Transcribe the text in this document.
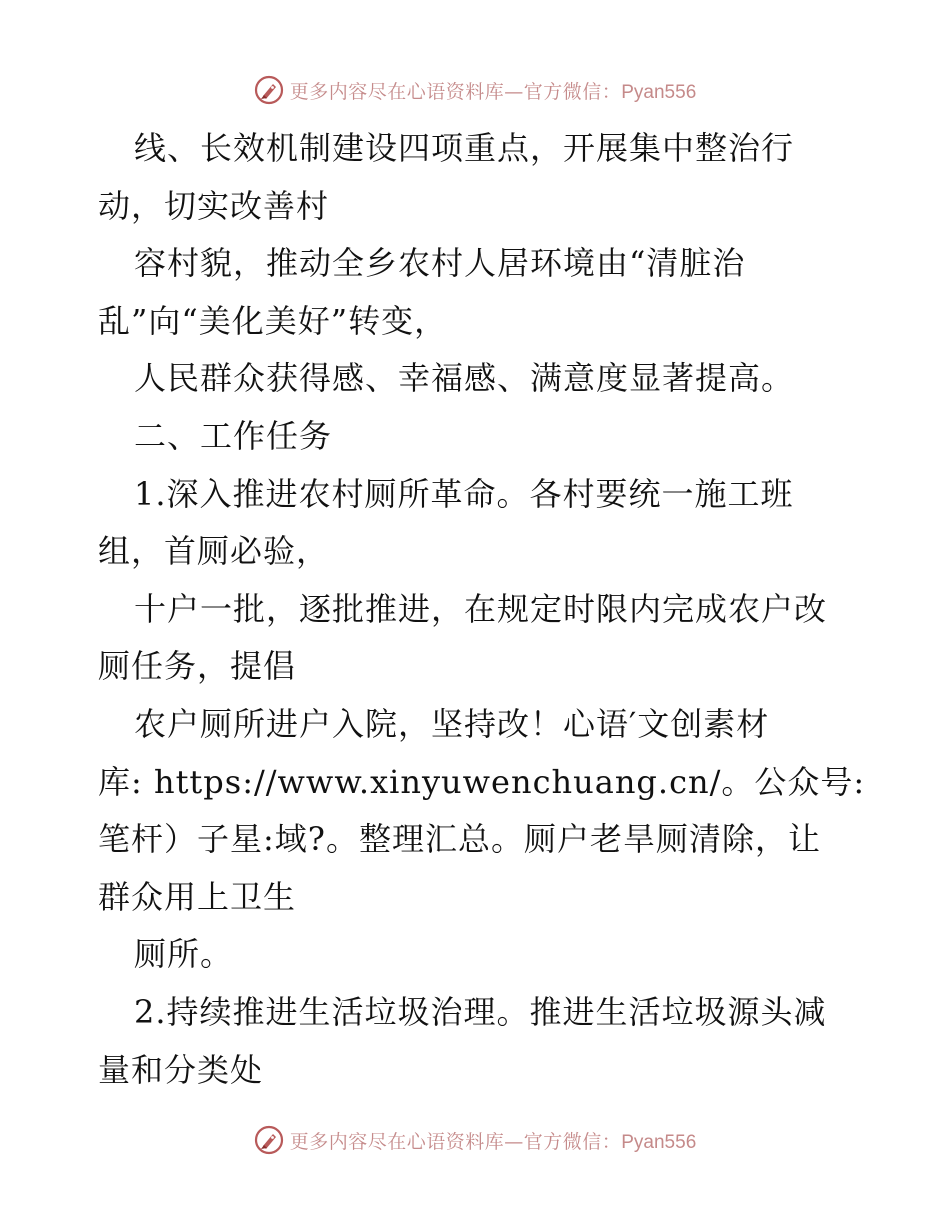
更多内容尽在心语资料库—官方微信：Pyan556
线、长效机制建设四项重点，开展集中整治行
动，切实改善村
容村貌，推动全乡农村人居环境由“清脏治
乱”向“美化美好”转变，
人民群众获得感、幸福感、满意度显著提高。
二、工作任务
1.深入推进农村厕所革命。各村要统一施工班
组，首厕必验，
十户一批，逐批推进，在规定时限内完成农户改
厕任务，提倡
农户厕所进户入院，坚持改！心语′文创素材
库: https://www.xinyuwenchuang.cn/。公众号:
笔杆）子星:域?。整理汇总。厕户老旱厕清除，让
群众用上卫生
厕所。
2.持续推进生活垃圾治理。推进生活垃圾源头减
量和分类处
更多内容尽在心语资料库—官方微信：Pyan556
